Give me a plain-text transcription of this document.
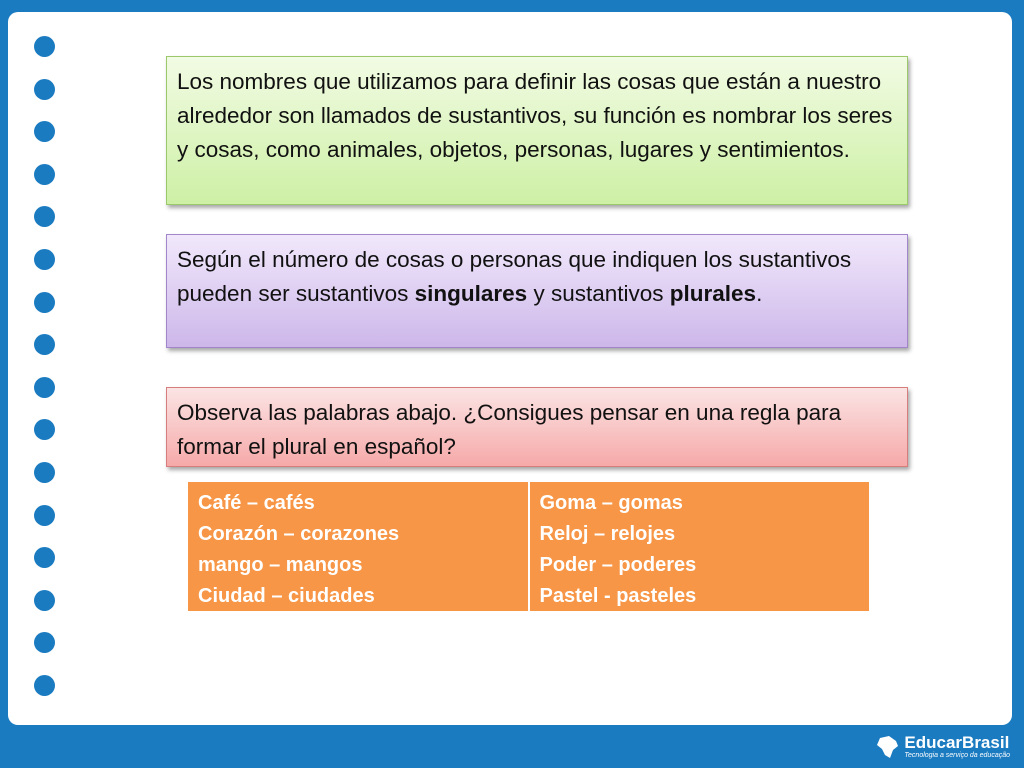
Los nombres que utilizamos para definir las cosas que están a nuestro alrededor son llamados de sustantivos, su función es nombrar los seres y cosas, como animales, objetos, personas, lugares y sentimientos.
Según el número de cosas o personas que indiquen los sustantivos pueden ser sustantivos singulares y sustantivos plurales.
Observa las palabras abajo. ¿Consigues pensar en una regla para formar el plural en español?
Café – cafés
Corazón – corazones
mango – mangos
Ciudad – ciudades
Goma – gomas
Reloj – relojes
Poder – poderes
Pastel - pasteles
EducarBrasil
Tecnologia a serviço da educação
